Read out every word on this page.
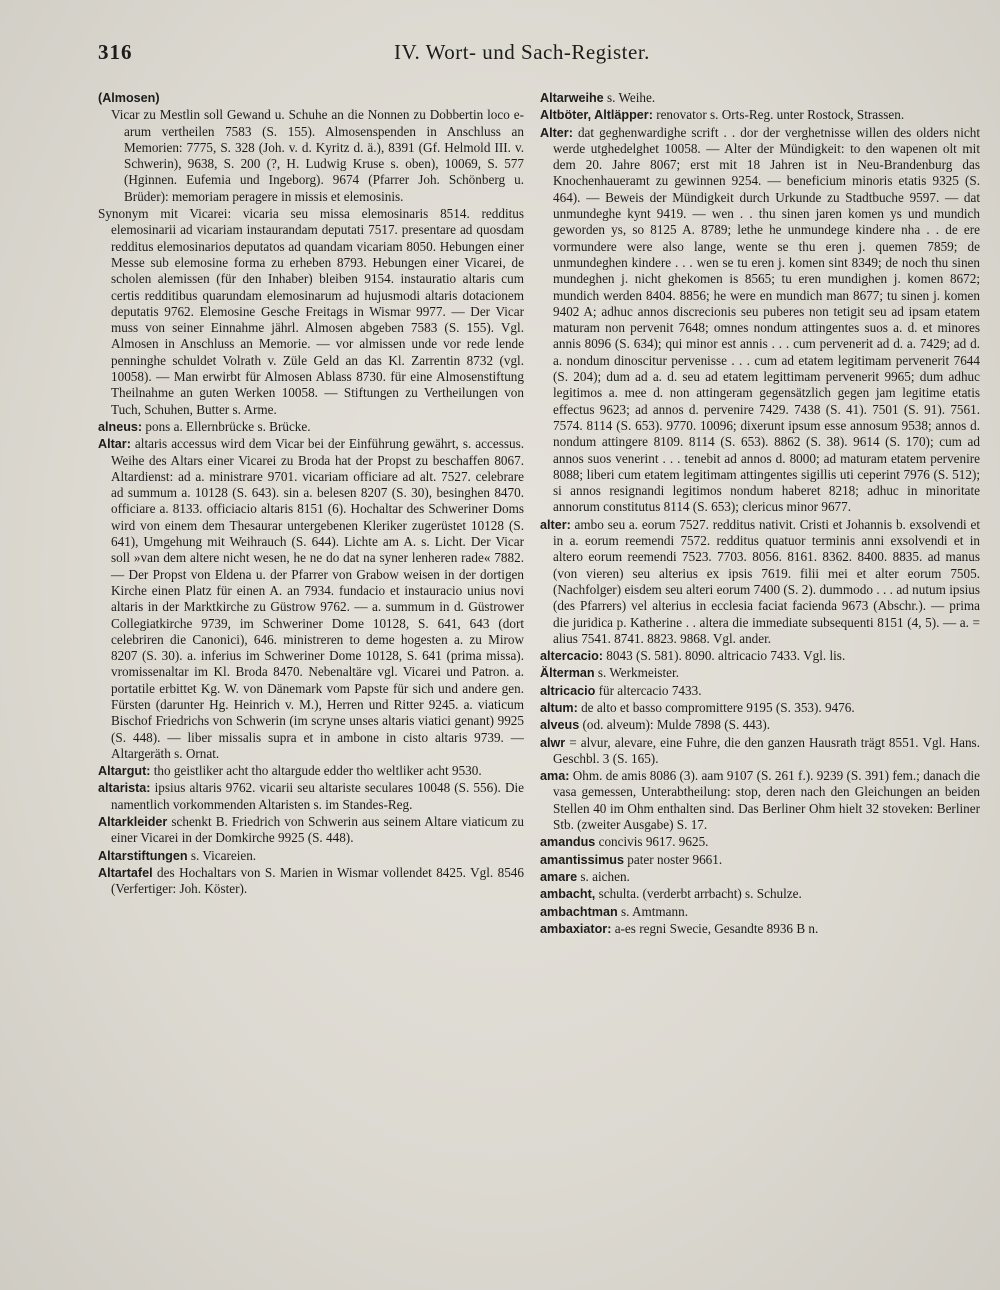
316	IV. Wort- und Sach-Register.

(Almosen)

Vicar zu Mestlin soll Gewand u. Schuhe an die Nonnen zu Dobbertin loco e-arum vertheilen 7583 (S. 155). Almosenspenden in Anschluss an Memorien: 7775, S. 328 (Joh. v. d. Kyritz d. ä.), 8391 (Gf. Helmold III. v. Schwerin), 9638, S. 200 (?, H. Ludwig Kruse s. oben), 10069, S. 577 (Hginnen. Eufemia und Ingeborg). 9674 (Pfarrer Joh. Schönberg u. Brüder): memoriam peragere in missis et elemosinis.

Synonym mit Vicarei: vicaria seu missa elemosinaris 8514. redditus elemosinarii ad vicariam instaurandam deputati 7517. presentare ad quosdam redditus elemosinarios deputatos ad quandam vicariam 8050. Hebungen einer Messe sub elemosine forma zu erheben 8793. Hebungen einer Vicarei, de scholen alemissen (für den Inhaber) bleiben 9154. instauratio altaris cum certis redditibus quarundam elemosinarum ad hujusmodi altaris dotacionem deputatis 9762. Elemosine Gesche Freitags in Wismar 9977. — Der Vicar muss von seiner Einnahme jährl. Almosen abgeben 7583 (S. 155). Vgl. Almosen in Anschluss an Memorie. — vor almissen unde vor rede lende penninghe schuldet Volrath v. Züle Geld an das Kl. Zarrentin 8732 (vgl. 10058). — Man erwirbt für Almosen Ablass 8730. für eine Almosenstiftung Theilnahme an guten Werken 10058. — Stiftungen zu Vertheilungen von Tuch, Schuhen, Butter s. Arme.

alneus: pons a. Ellernbrücke s. Brücke.

Altar: altaris accessus wird dem Vicar bei der Einführung gewährt, s. accessus. Weihe des Altars einer Vicarei zu Broda hat der Propst zu beschaffen 8067. Altardienst: ad a. ministrare 9701. vicariam officiare ad alt. 7527. celebrare ad summum a. 10128 (S. 643). sin a. belesen 8207 (S. 30), besinghen 8470. officiare a. 8133. officiacio altaris 8151 (6). Hochaltar des Schweriner Doms wird von einem dem Thesaurar untergebenen Kleriker zugerüstet 10128 (S. 641), Umgehung mit Weihrauch (S. 644). Lichte am A. s. Licht. Der Vicar soll »van dem altere nicht wesen, he ne do dat na syner lenheren rade« 7882. — Der Propst von Eldena u. der Pfarrer von Grabow weisen in der dortigen Kirche einen Platz für einen A. an 7934. fundacio et instauracio unius novi altaris in der Marktkirche zu Güstrow 9762. — a. summum in d. Güstrower Collegiatkirche 9739, im Schweriner Dome 10128, S. 641, 643 (dort celebriren die Canonici), 646. ministreren to deme hogesten a. zu Mirow 8207 (S. 30). a. inferius im Schweriner Dome 10128, S. 641 (prima missa). vromissenaltar im Kl. Broda 8470. Nebenaltäre vgl. Vicarei und Patron. a. portatile erbittet Kg. W. von Dänemark vom Papste für sich und andere gen. Fürsten (darunter Hg. Heinrich v. M.), Herren und Ritter 9245. a. viaticum Bischof Friedrichs von Schwerin (im scryne unses altaris viatici genant) 9925 (S. 448). — liber missalis supra et in ambone in cisto altaris 9739. — Altargeräth s. Ornat.

Altargut: tho geistliker acht tho altargude edder tho weltliker acht 9530.

altarista: ipsius altaris 9762. vicarii seu altariste seculares 10048 (S. 556). Die namentlich vorkommenden Altaristen s. im Standes-Reg.

Altarkleider schenkt B. Friedrich von Schwerin aus seinem Altare viaticum zu einer Vicarei in der Domkirche 9925 (S. 448).

Altarstiftungen s. Vicareien.

Altartafel des Hochaltars von S. Marien in Wismar vollendet 8425. Vgl. 8546 (Verfertiger: Joh. Köster).

Altarweihe s. Weihe.

Altböter, Altläpper: renovator s. Orts-Reg. unter Rostock, Strassen.

Alter: dat geghenwardighe scrift . . dor der verghetnisse willen des olders nicht werde utghedelghet 10058. — Alter der Mündigkeit: to den wapenen olt mit dem 20. Jahre 8067; erst mit 18 Jahren ist in Neu-Brandenburg das Knochenhaueramt zu gewinnen 9254. — beneficium minoris etatis 9325 (S. 464). — Beweis der Mündigkeit durch Urkunde zu Stadtbuche 9597. — dat unmundeghe kynt 9419. — wen . . thu sinen jaren komen ys und mundich geworden ys, so 8125 A. 8789; lethe he unmundege kindere nha . . de ere vormundere were also lange, wente se thu eren j. quemen 7859; de unmundeghen kindere . . . wen se tu eren j. komen sint 8349; de noch thu sinen mundeghen j. nicht ghekomen is 8565; tu eren mundighen j. komen 8672; mundich werden 8404. 8856; he were en mundich man 8677; tu sinen j. komen 9402 A; adhuc annos discrecionis seu puberes non tetigit seu ad ipsam etatem maturam non pervenit 7648; omnes nondum attingentes suos a. d. et minores annis 8096 (S. 634); qui minor est annis . . . cum pervenerit ad d. a. 7429; ad d. a. nondum dinoscitur pervenisse . . . cum ad etatem legitimam pervenerit 7644 (S. 204); dum ad a. d. seu ad etatem legittimam pervenerit 9965; dum adhuc legitimos a. mee d. non attingeram gegensätzlich gegen jam legitime etatis effectus 9623; ad annos d. pervenire 7429. 7438 (S. 41). 7501 (S. 91). 7561. 7574. 8114 (S. 653). 9770. 10096; dixerunt ipsum esse annosum 9538; annos d. nondum attingere 8109. 8114 (S. 653). 8862 (S. 38). 9614 (S. 170); cum ad annos suos venerint . . . tenebit ad annos d. 8000; ad maturam etatem pervenire 8088; liberi cum etatem legitimam attingentes sigillis uti ceperint 7976 (S. 512); si annos resignandi legitimos nondum haberet 8218; adhuc in minoritate annorum constitutus 8114 (S. 653); clericus minor 9677.

alter: ambo seu a. eorum 7527. redditus nativit. Cristi et Johannis b. exsolvendi et in a. eorum reemendi 7572. redditus quatuor terminis anni exsolvendi et in altero eorum reemendi 7523. 7703. 8056. 8161. 8362. 8400. 8835. ad manus (von vieren) seu alterius ex ipsis 7619. filii mei et alter eorum 7505. (Nachfolger) eisdem seu alteri eorum 7400 (S. 2). dummodo . . . ad nutum ipsius (des Pfarrers) vel alterius in ecclesia faciat facienda 9673 (Abschr.). — prima die juridica p. Katherine . . altera die immediate subsequenti 8151 (4, 5). — a. = alius 7541. 8741. 8823. 9868. Vgl. ander.

altercacio: 8043 (S. 581). 8090. altricacio 7433. Vgl. lis.

Älterman s. Werkmeister.

altricacio für altercacio 7433.

altum: de alto et basso compromittere 9195 (S. 353). 9476.

alveus (od. alveum): Mulde 7898 (S. 443).

alwr = alvur, alevare, eine Fuhre, die den ganzen Hausrath trägt 8551. Vgl. Hans. Geschbl. 3 (S. 165).

ama: Ohm. de amis 8086 (3). aam 9107 (S. 261 f.). 9239 (S. 391) fem.; danach die vasa gemessen, Unterabtheilung: stop, deren nach den Gleichungen an beiden Stellen 40 im Ohm enthalten sind. Das Berliner Ohm hielt 32 stoveken: Berliner Stb. (zweiter Ausgabe) S. 17.

amandus concivis 9617. 9625.

amantissimus pater noster 9661.

amare s. aichen.

ambacht, schulta. (verderbt arrbacht) s. Schulze.

ambachtman s. Amtmann.

ambaxiator: a-es regni Swecie, Gesandte 8936 B n.
